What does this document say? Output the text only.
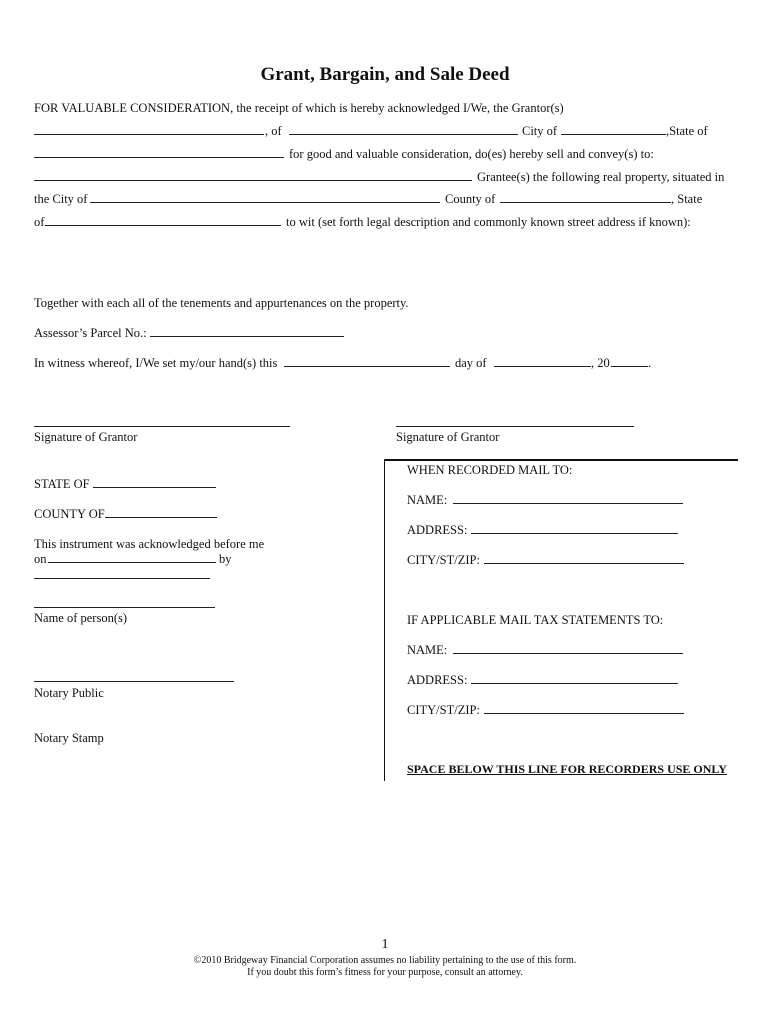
Grant, Bargain, and Sale Deed
FOR VALUABLE CONSIDERATION, the receipt of which is hereby acknowledged I/We, the Grantor(s)
, of	City of	,State of
for good and valuable consideration, do(es) hereby sell and convey(s) to:
Grantee(s) the following real property, situated in
the City of	County of	, State
of	to wit (set forth legal description and commonly known street address if known):
Together with each all of the tenements and appurtenances on the property.
Assessor’s Parcel No.:
In witness whereof, I/We set my/our hand(s) this	day of	, 20	.
Signature of Grantor	Signature of Grantor
STATE OF
COUNTY OF
This instrument was acknowledged before me
on	by
Name of person(s)
Notary Public
Notary Stamp
WHEN RECORDED MAIL TO:
NAME:
ADDRESS:
CITY/ST/ZIP:
IF APPLICABLE MAIL TAX STATEMENTS TO:
NAME:
ADDRESS:
CITY/ST/ZIP:
SPACE BELOW THIS LINE FOR RECORDERS USE ONLY
1
©2010 Bridgeway Financial Corporation assumes no liability pertaining to the use of this form.
If you doubt this form’s fitness for your purpose, consult an attorney.
